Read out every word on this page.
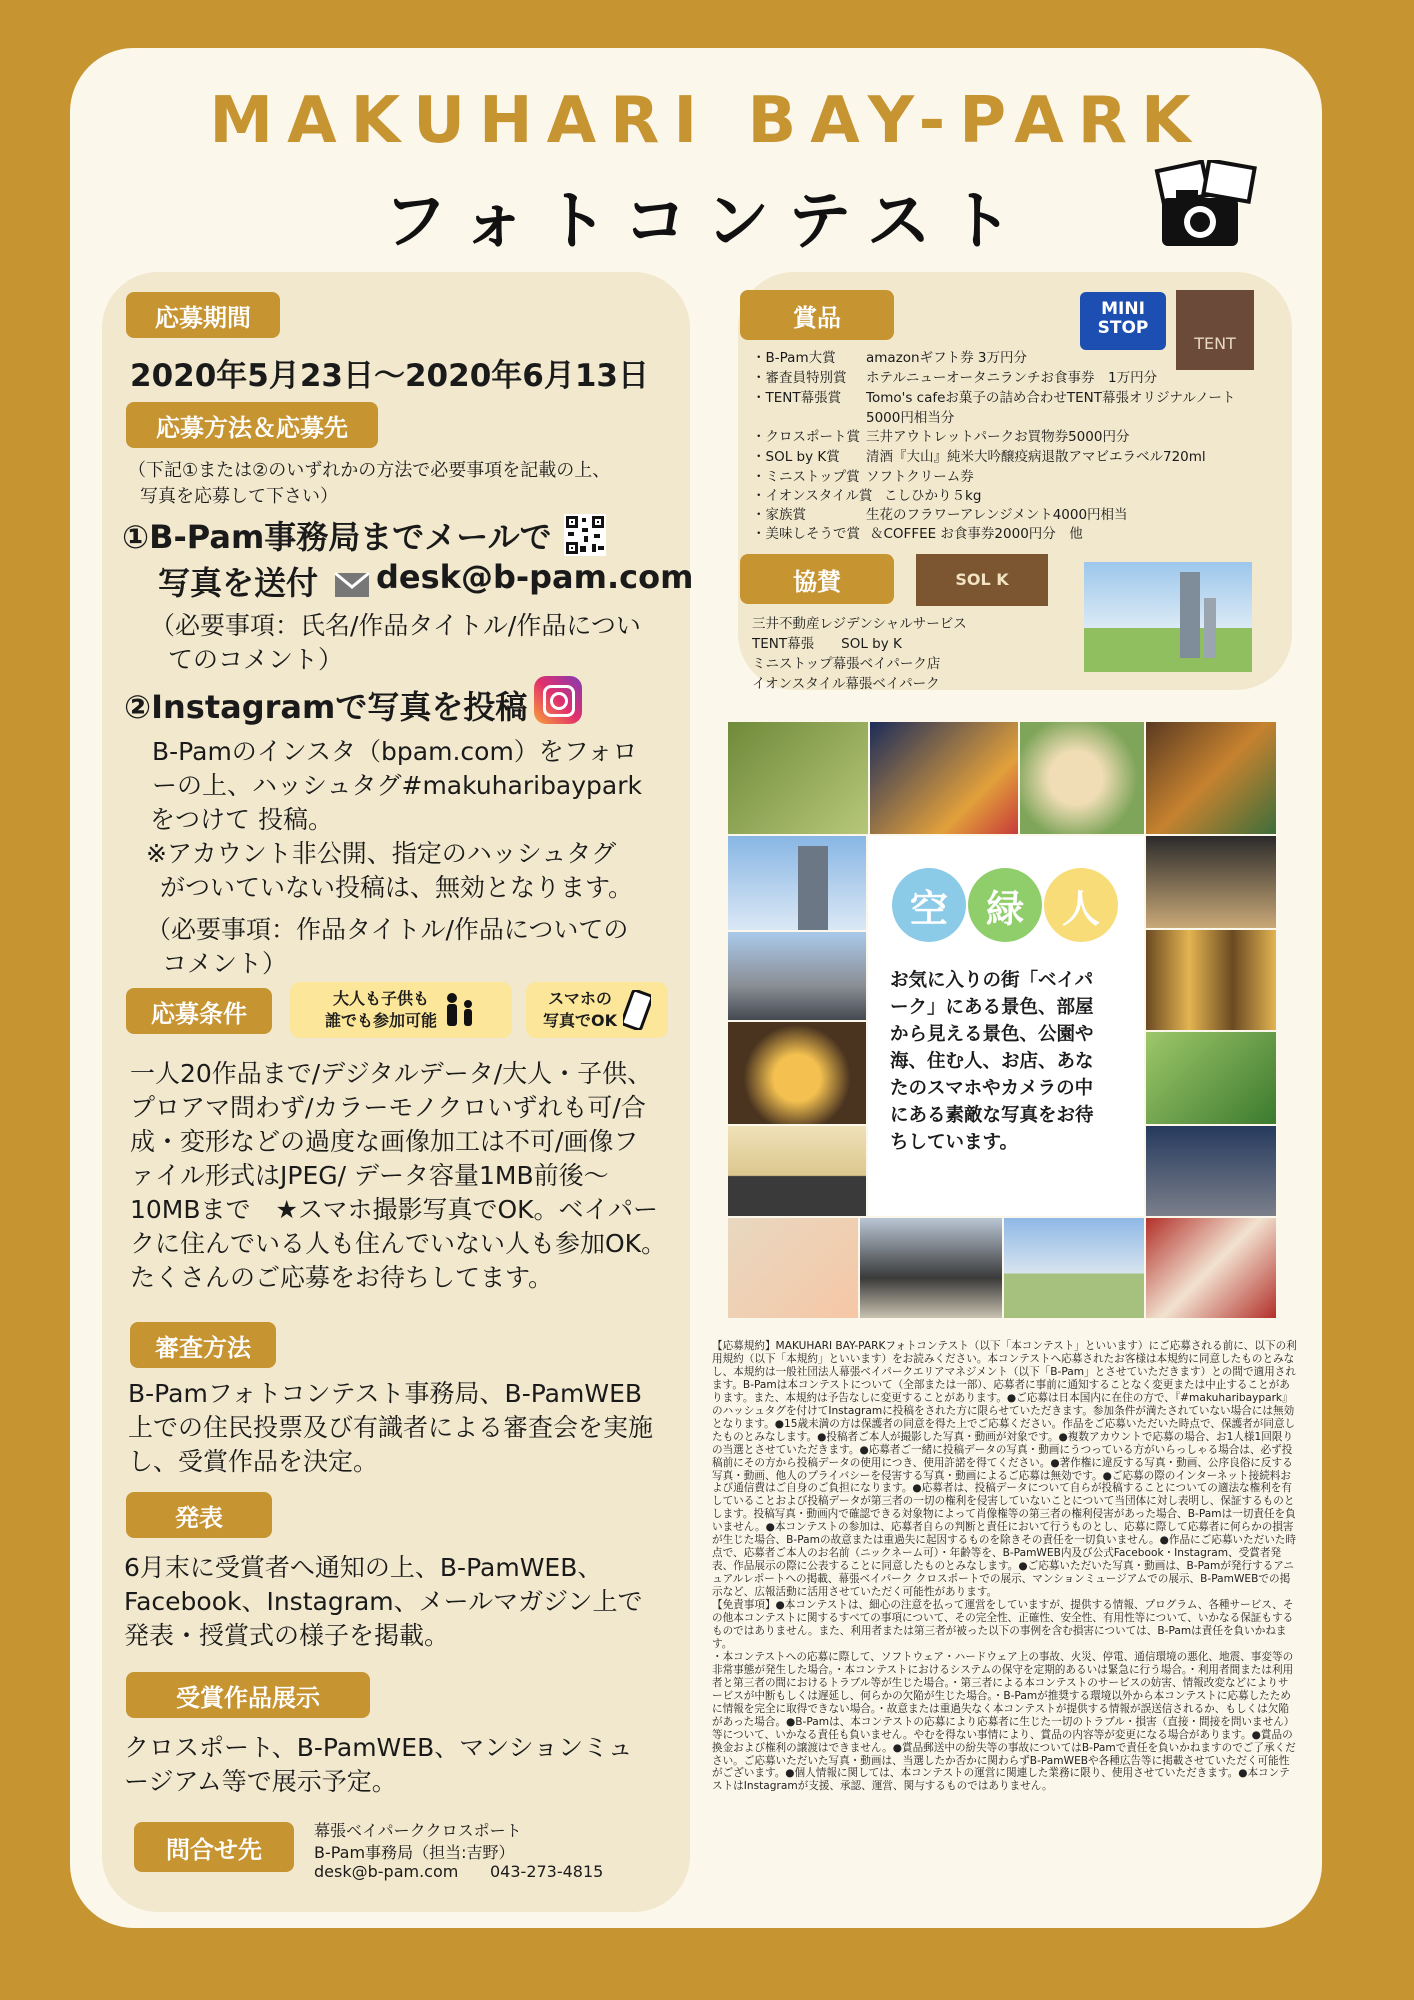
MAKUHARI BAY-PARK
フォトコンテスト
応募期間
2020年5月23日～2020年6月13日
応募方法＆応募先
（下記①または②のいずれかの方法で必要事項を記載の上、
写真を応募して下さい）
①B-Pam事務局までメールで
写真を送付 desk@b-pam.com
（必要事項：氏名/作品タイトル/作品につい
てのコメント）
②Instagramで写真を投稿
B-Pamのインスタ（bpam.com）をフォロ
ーの上、ハッシュタグ#makuharibaypark
をつけて 投稿。
※アカウント非公開、指定のハッシュタグ
がついていない投稿は、無効となります。
（必要事項：作品タイトル/作品についての
コメント）
応募条件
大人も子供も
誰でも参加可能
スマホの
写真でOK
一人20作品まで/デジタルデータ/大人・子供、
プロアマ問わず/カラーモノクロいずれも可/合
成・変形などの過度な画像加工は不可/画像フ
ァイル形式はJPEG/ データ容量1MB前後～
10MBまで　★スマホ撮影写真でOK。ベイパー
クに住んでいる人も住んでいない人も参加OK。
たくさんのご応募をお待ちしてます。
審査方法
B-Pamフォトコンテスト事務局、B-PamWEB
上での住民投票及び有識者による審査会を実施
し、受賞作品を決定。
発表
6月末に受賞者へ通知の上、B-PamWEB、
Facebook、Instagram、メールマガジン上で
発表・授賞式の様子を掲載。
受賞作品展示
クロスポート、B-PamWEB、マンションミュ
ージアム等で展示予定。
問合せ先
幕張ベイパーククロスポート
B-Pam事務局（担当:吉野）
desk@b-pam.com 043-273-4815
賞品	MINI
STOP
TENT
・B-Pam大賞 amazonギフト券 3万円分
・審査員特別賞 ホテルニューオータニランチお食事券　1万円分
・TENT幕張賞 Tomo's cafeお菓子の詰め合わせTENT幕張オリジナルノート
5000円相当分
・クロスポート賞 三井アウトレットパークお買物券5000円分
・SOL by K賞 清酒『大山』純米大吟醸疫病退散アマビエラベル720ml
・ミニストップ賞 ソフトクリーム券
・イオンスタイル賞 こしひかり５kg
・家族賞	生花のフラワーアレンジメント4000円相当
・美味しそうで賞 ＆COFFEE お食事券2000円分　他
協賛	SOL K
三井不動産レジデンシャルサービス
TENT幕張　　SOL by K
ミニストップ幕張ベイパーク店
イオンスタイル幕張ベイパーク
空 緑 人
お気に入りの街「ベイパ
ーク」にある景色、部屋
から見える景色、公園や
海、住む人、お店、あな
たのスマホやカメラの中
にある素敵な写真をお待
ちしています。
【応募規約】MAKUHARI BAY-PARKフォトコンテスト（以下「本コンテスト」といいます）にご応募される前に、以下の利用規約（以下「本規約」といいます）をお読みください。本コンテストへ応募されたお客様は本規約に同意したものとみなし、本規約は一般社団法人幕張ベイパークエリアマネジメント（以下「B-Pam」とさせていただきます）との間で適用されます。B-Pamは本コンテストについて（全部または一部）、応募者に事前に通知することなく変更または中止することがあります。また、本規約は予告なしに変更することがあります。●ご応募は日本国内に在住の方で、『#makuharibaypark』のハッシュタグを付けてInstagramに投稿をされた方に限らせていただきます。参加条件が満たされていない場合には無効となります。●15歳未満の方は保護者の同意を得た上でご応募ください。作品をご応募いただいた時点で、保護者が同意したものとみなします。●投稿者ご本人が撮影した写真・動画が対象です。●複数アカウントで応募の場合、お1人様1回限りの当選とさせていただきます。●応募者ご一緒に投稿データの写真・動画にうつっている方がいらっしゃる場合は、必ず投稿前にその方から投稿データの使用につき、使用許諾を得てください。●著作権に違反する写真・動画、公序良俗に反する写真・動画、他人のプライバシーを侵害する写真・動画によるご応募は無効です。●ご応募の際のインターネット接続料および通信費はご自身のご負担になります。●応募者は、投稿データについて自らが投稿することについての適法な権利を有していることおよび投稿データが第三者の一切の権利を侵害していないことについて当団体に対し表明し、保証するものとします。投稿写真・動画内で確認できる対象物によって肖像権等の第三者の権利侵害があった場合、B-Pamは一切責任を負いません。●本コンテストの参加は、応募者自らの判断と責任において行うものとし、応募に際して応募者に何らかの損害が生じた場合、B-Pamの故意または重過失に起因するものを除きその責任を一切負いません。●作品にご応募いただいた時点で、応募者ご本人のお名前（ニックネーム可）・年齢等を、B-PamWEB内及び公式Facebook・Instagram、受賞者発表、作品展示の際に公表することに同意したものとみなします。●ご応募いただいた写真・動画は、B-Pamが発行するアニュアルレポートへの掲載、幕張ベイパーク クロスポートでの展示、マンションミュージアムでの展示、B-PamWEBでの掲示など、広報活動に活用させていただく可能性があります。
【免責事項】●本コンテストは、細心の注意を払って運営をしていますが、提供する情報、プログラム、各種サービス、その他本コンテストに関するすべての事項について、その完全性、正確性、安全性、有用性等について、いかなる保証もするものではありません。また、利用者または第三者が被った以下の事例を含む損害については、B-Pamは責任を負いかねます。
・本コンテストへの応募に際して、ソフトウェア・ハードウェア上の事故、火災、停電、通信環境の悪化、地震、事変等の非常事態が発生した場合。・本コンテストにおけるシステムの保守を定期的あるいは緊急に行う場合。・利用者間または利用者と第三者の間におけるトラブル等が生じた場合。・第三者による本コンテストのサービスの妨害、情報改変などによりサービスが中断もしくは遅延し、何らかの欠陥が生じた場合。・B-Pamが推奨する環境以外から本コンテストに応募したために情報を完全に取得できない場合。・故意または重過失なく本コンテストが提供する情報が誤送信されるか、もしくは欠陥があった場合。●B-Pamは、本コンテストの応募により応募者に生じた一切のトラブル・損害（直接・間接を問いません）等について、いかなる責任も負いません。やむを得ない事情により、賞品の内容等が変更になる場合があります。●賞品の換金および権利の譲渡はできません。●賞品郵送中の紛失等の事故についてはB-Pamで責任を負いかねますのでご了承ください。ご応募いただいた写真・動画は、当選したか否かに関わらずB-PamWEBや各種広告等に掲載させていただく可能性がございます。●個人情報に関しては、本コンテストの運営に関連した業務に限り、使用させていただきます。●本コンテストはInstagramが支援、承認、運営、関与するものではありません。
